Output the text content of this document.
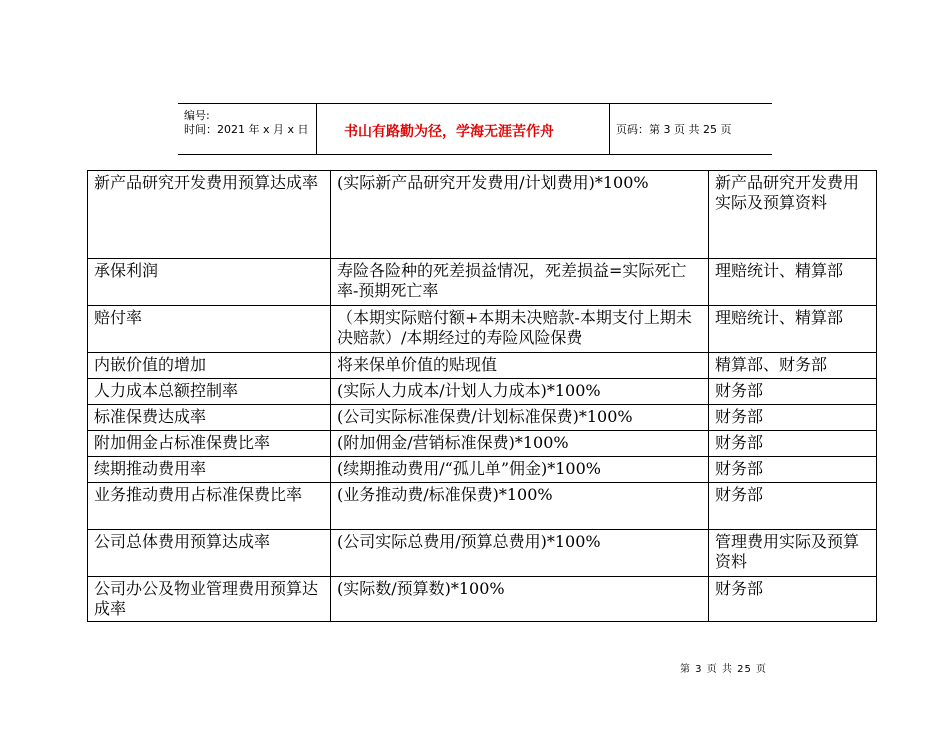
编号:
时间：2021 年 x 月 x 日	书山有路勤为径，学海无涯苦作舟	页码：第 3 页 共 25 页
新产品研究开发费用预算达成率	(实际新产品研究开发费用/计划费用)*100%	新产品研究开发费用实际及预算资料
承保利润	寿险各险种的死差损益情况，死差损益=实际死亡率-预期死亡率	理赔统计、精算部
赔付率	（本期实际赔付额+本期未决赔款-本期支付上期未决赔款）/本期经过的寿险风险保费	理赔统计、精算部
内嵌价值的增加	将来保单价值的贴现值	精算部、财务部
人力成本总额控制率	(实际人力成本/计划人力成本)*100%	财务部
标准保费达成率	(公司实际标准保费/计划标准保费)*100%	财务部
附加佣金占标准保费比率	(附加佣金/营销标准保费)*100%	财务部
续期推动费用率	(续期推动费用/“孤儿单”佣金)*100%	财务部
业务推动费用占标准保费比率	(业务推动费/标准保费)*100%	财务部
公司总体费用预算达成率	(公司实际总费用/预算总费用)*100%	管理费用实际及预算资料
公司办公及物业管理费用预算达成率	(实际数/预算数)*100%	财务部
第 3 页 共 25 页
